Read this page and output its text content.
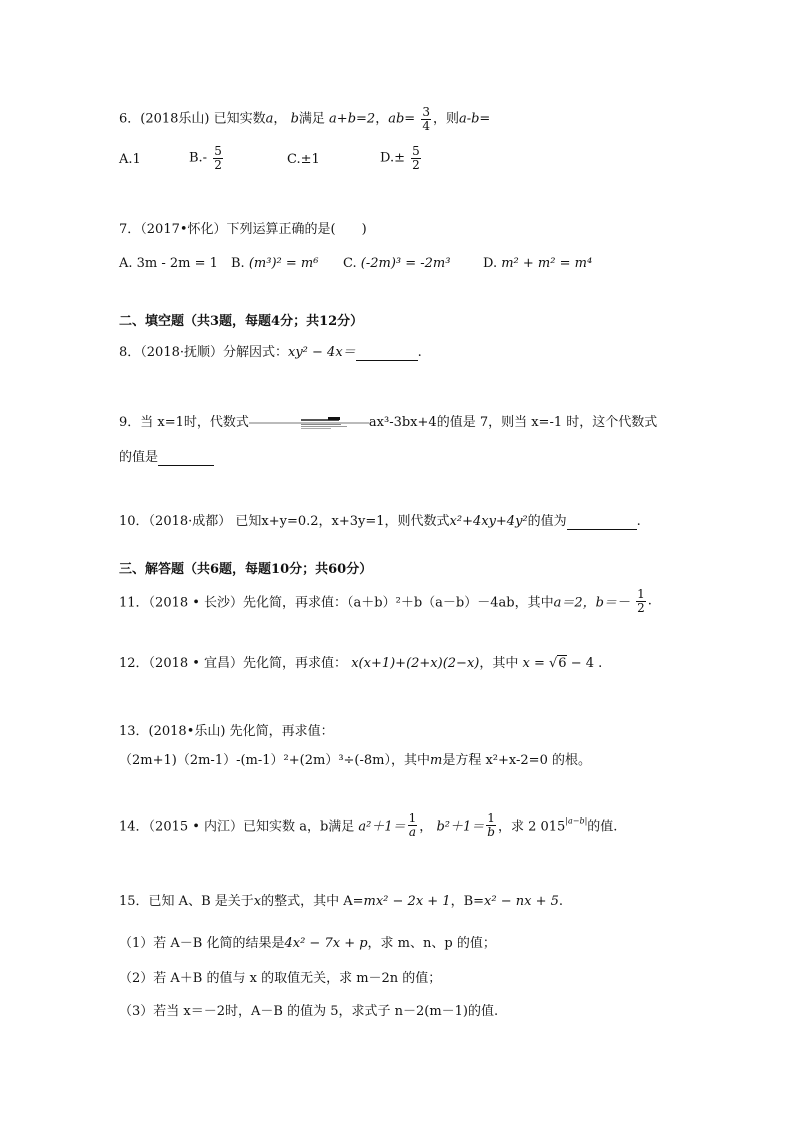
6．(2018乐山) 已知实数a， b满足 a+b=2，$ab= \frac{3}{4}$ ，则a-b=
A.1	$B.- \frac{5}{2}$	C.±1	$D.\pm \frac{5}{2}$
7．（2017•怀化）下列运算正确的是(　　)
A. 3m - 2m = 1 B. (m³)² = m⁶ C. (-2m)³ = -2m³	D. m² + m² = m⁴
二、填空题（共3题，每题4分；共12分）
8．（2018·抚顺）分解因式：xy² − 4x＝	.
9．当 x=1时，代数式	ax³-3bx+4的值是 7，则当 x=-1 时，这个代数式
的值是
10．（2018·成都） 已知x+y=0.2，x+3y=1，则代数式x²+4xy+4y²的值为	.
三、解答题（共6题，每题10分；共60分）
11．（2018 • 长沙）先化简，再求值：（a＋b）²＋b（a－b）－4ab，其中a＝2，$b=- \frac{1}{2}$ .
12．（2018 • 宜昌）先化简，再求值： x(x+1)+(2+x)(2−x)，其中 x = √6 − 4 .
13．(2018•乐山) 先化简，再求值：
（2m+1)（2m-1）-(m-1）²+(2m）³÷(-8m），其中m是方程 x²+x-2=0 的根。
14．（2015 • 内江）已知实数 a，b满足 $a^2+1= \frac{1}{a}$ ， $b^2+1= \frac{1}{b}$ ，求 2 $015^{|a-b|}$的值.
15．已知 A、B 是关于x的整式，其中 A=mx² − 2x + 1，B=x² − nx + 5.
（1）若 A－B 化简的结果是4x² − 7x + p，求 m、n、p 的值；
（2）若 A＋B 的值与 x 的取值无关，求 m－2n 的值；
（3）若当 x＝－2时，A－B 的值为 5，求式子 n－2(m－1)的值.
